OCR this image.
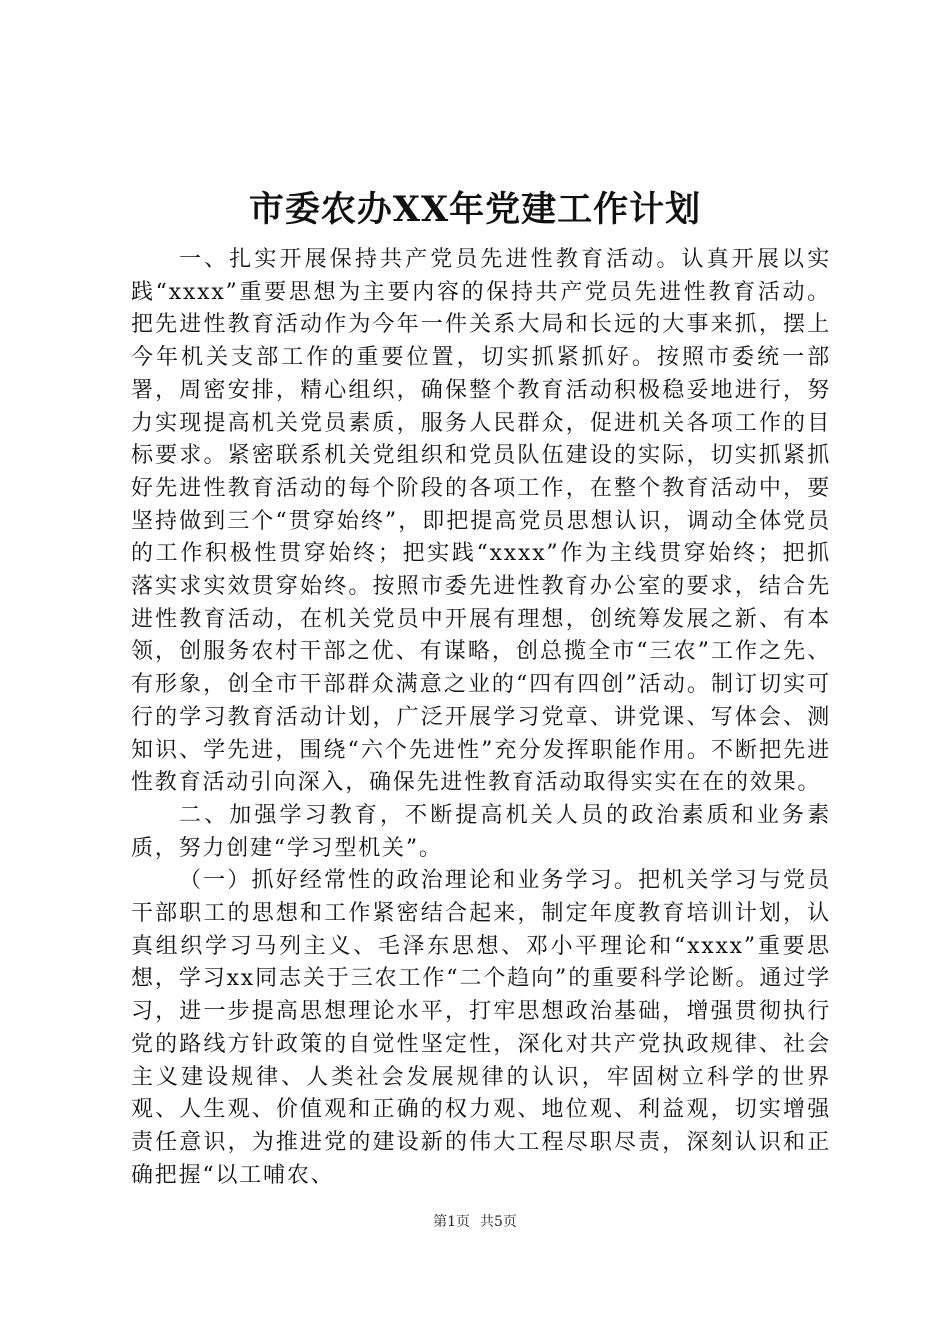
市委农办XX年党建工作计划

一、扎实开展保持共产党员先进性教育活动。认真开展以实践“xxxx”重要思想为主要内容的保持共产党员先进性教育活动。把先进性教育活动作为今年一件关系大局和长远的大事来抓，摆上今年机关支部工作的重要位置，切实抓紧抓好。按照市委统一部署，周密安排，精心组织，确保整个教育活动积极稳妥地进行，努力实现提高机关党员素质，服务人民群众，促进机关各项工作的目标要求。紧密联系机关党组织和党员队伍建设的实际，切实抓紧抓好先进性教育活动的每个阶段的各项工作，在整个教育活动中，要坚持做到三个“贯穿始终”，即把提高党员思想认识，调动全体党员的工作积极性贯穿始终；把实践“xxxx”作为主线贯穿始终；把抓落实求实效贯穿始终。按照市委先进性教育办公室的要求，结合先进性教育活动，在机关党员中开展有理想，创统筹发展之新、有本领，创服务农村干部之优、有谋略，创总揽全市“三农”工作之先、有形象，创全市干部群众满意之业的“四有四创”活动。制订切实可行的学习教育活动计划，广泛开展学习党章、讲党课、写体会、测知识、学先进，围绕“六个先进性”充分发挥职能作用。不断把先进性教育活动引向深入，确保先进性教育活动取得实实在在的效果。

二、加强学习教育，不断提高机关人员的政治素质和业务素质，努力创建“学习型机关”。

（一）抓好经常性的政治理论和业务学习。把机关学习与党员干部职工的思想和工作紧密结合起来，制定年度教育培训计划，认真组织学习马列主义、毛泽东思想、邓小平理论和“xxxx”重要思想，学习xx同志关于三农工作“二个趋向”的重要科学论断。通过学习，进一步提高思想理论水平，打牢思想政治基础，增强贯彻执行党的路线方针政策的自觉性坚定性，深化对共产党执政规律、社会主义建设规律、人类社会发展规律的认识，牢固树立科学的世界观、人生观、价值观和正确的权力观、地位观、利益观，切实增强责任意识，为推进党的建设新的伟大工程尽职尽责，深刻认识和正确把握“以工哺农、

第1页 共5页
